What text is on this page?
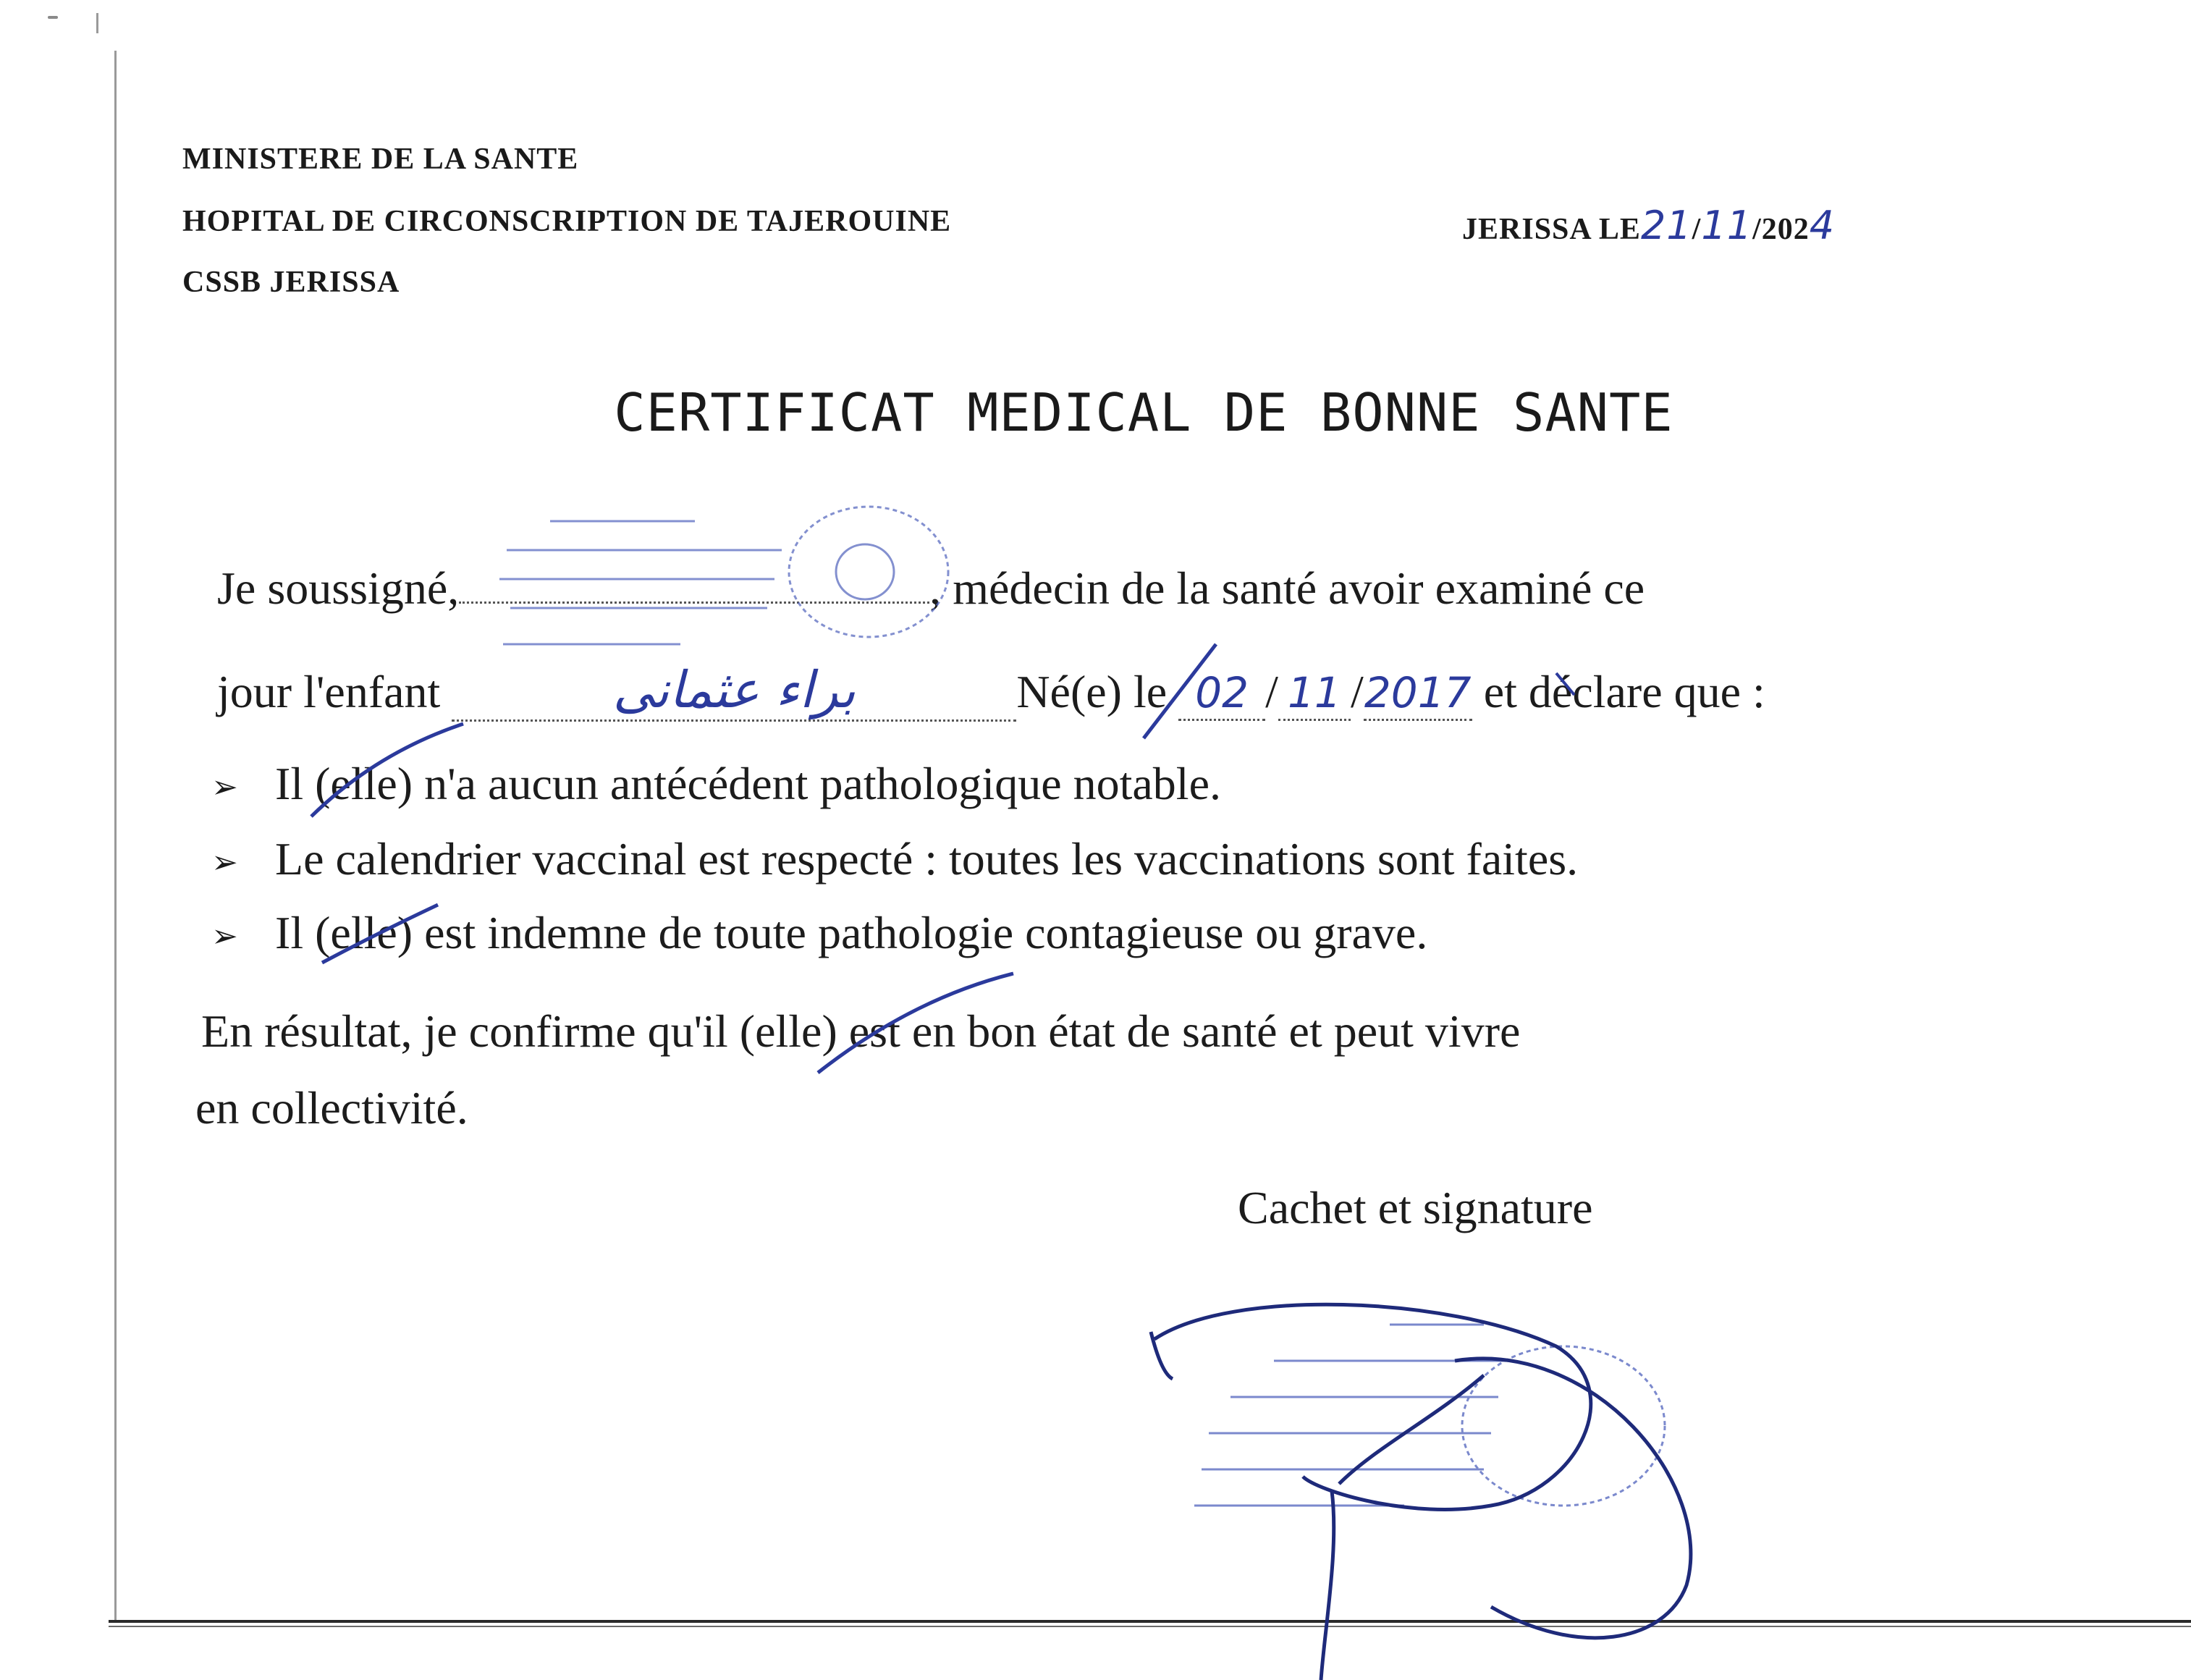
MINISTERE DE LA SANTE
HOPITAL DE CIRCONSCRIPTION DE TAJEROUINE
CSSB JERISSA
JERISSA LE21/11/2024
CERTIFICAT MEDICAL DE BONNE SANTE
Je soussigné,	, médecin de la santé avoir examiné ce
jour l'enfant	براء عثمانى	Né(e) le 02 / 11 /2017 et déclare que :
➢ Il (elle) n'a aucun antécédent pathologique notable.
➢ Le calendrier vaccinal est respecté : toutes les vaccinations sont faites.
➢ Il (elle) est indemne de toute pathologie contagieuse ou grave.
En résultat, je confirme qu'il (elle) est en bon état de santé et peut vivre
en collectivité.
Cachet et signature
